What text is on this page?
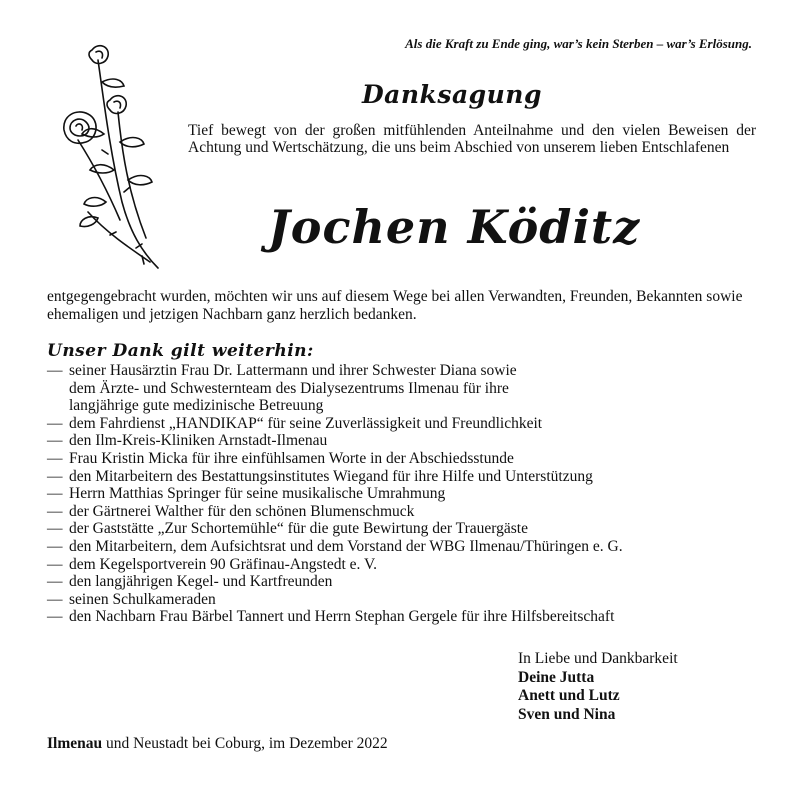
Als die Kraft zu Ende ging, war’s kein Sterben – war’s Erlösung.
Danksagung
Tief bewegt von der großen mitfühlenden Anteilnahme und den vielen Beweisen der Achtung und Wertschätzung, die uns beim Abschied von unserem lieben Entschlafenen
Jochen Köditz
entgegengebracht wurden, möchten wir uns auf diesem Wege bei allen Verwandten, Freunden, Bekannten sowie ehemaligen und jetzigen Nachbarn ganz herzlich bedanken.
Unser Dank gilt weiterhin:
— seiner Hausärztin Frau Dr. Lattermann und ihrer Schwester Diana sowie
dem Ärzte- und Schwesternteam des Dialysezentrums Ilmenau für ihre
langjährige gute medizinische Betreuung
— dem Fahrdienst „HANDIKAP“ für seine Zuverlässigkeit und Freundlichkeit
— den Ilm-Kreis-Kliniken Arnstadt-Ilmenau
— Frau Kristin Micka für ihre einfühlsamen Worte in der Abschiedsstunde
— den Mitarbeitern des Bestattungsinstitutes Wiegand für ihre Hilfe und Unterstützung
— Herrn Matthias Springer für seine musikalische Umrahmung
— der Gärtnerei Walther für den schönen Blumenschmuck
— der Gaststätte „Zur Schortemühle“ für die gute Bewirtung der Trauergäste
— den Mitarbeitern, dem Aufsichtsrat und dem Vorstand der WBG Ilmenau/Thüringen e. G.
— dem Kegelsportverein 90 Gräfinau-Angstedt e. V.
— den langjährigen Kegel- und Kartfreunden
— seinen Schulkameraden
— den Nachbarn Frau Bärbel Tannert und Herrn Stephan Gergele für ihre Hilfsbereitschaft
In Liebe und Dankbarkeit
Deine Jutta
Anett und Lutz
Sven und Nina
Ilmenau und Neustadt bei Coburg, im Dezember 2022
